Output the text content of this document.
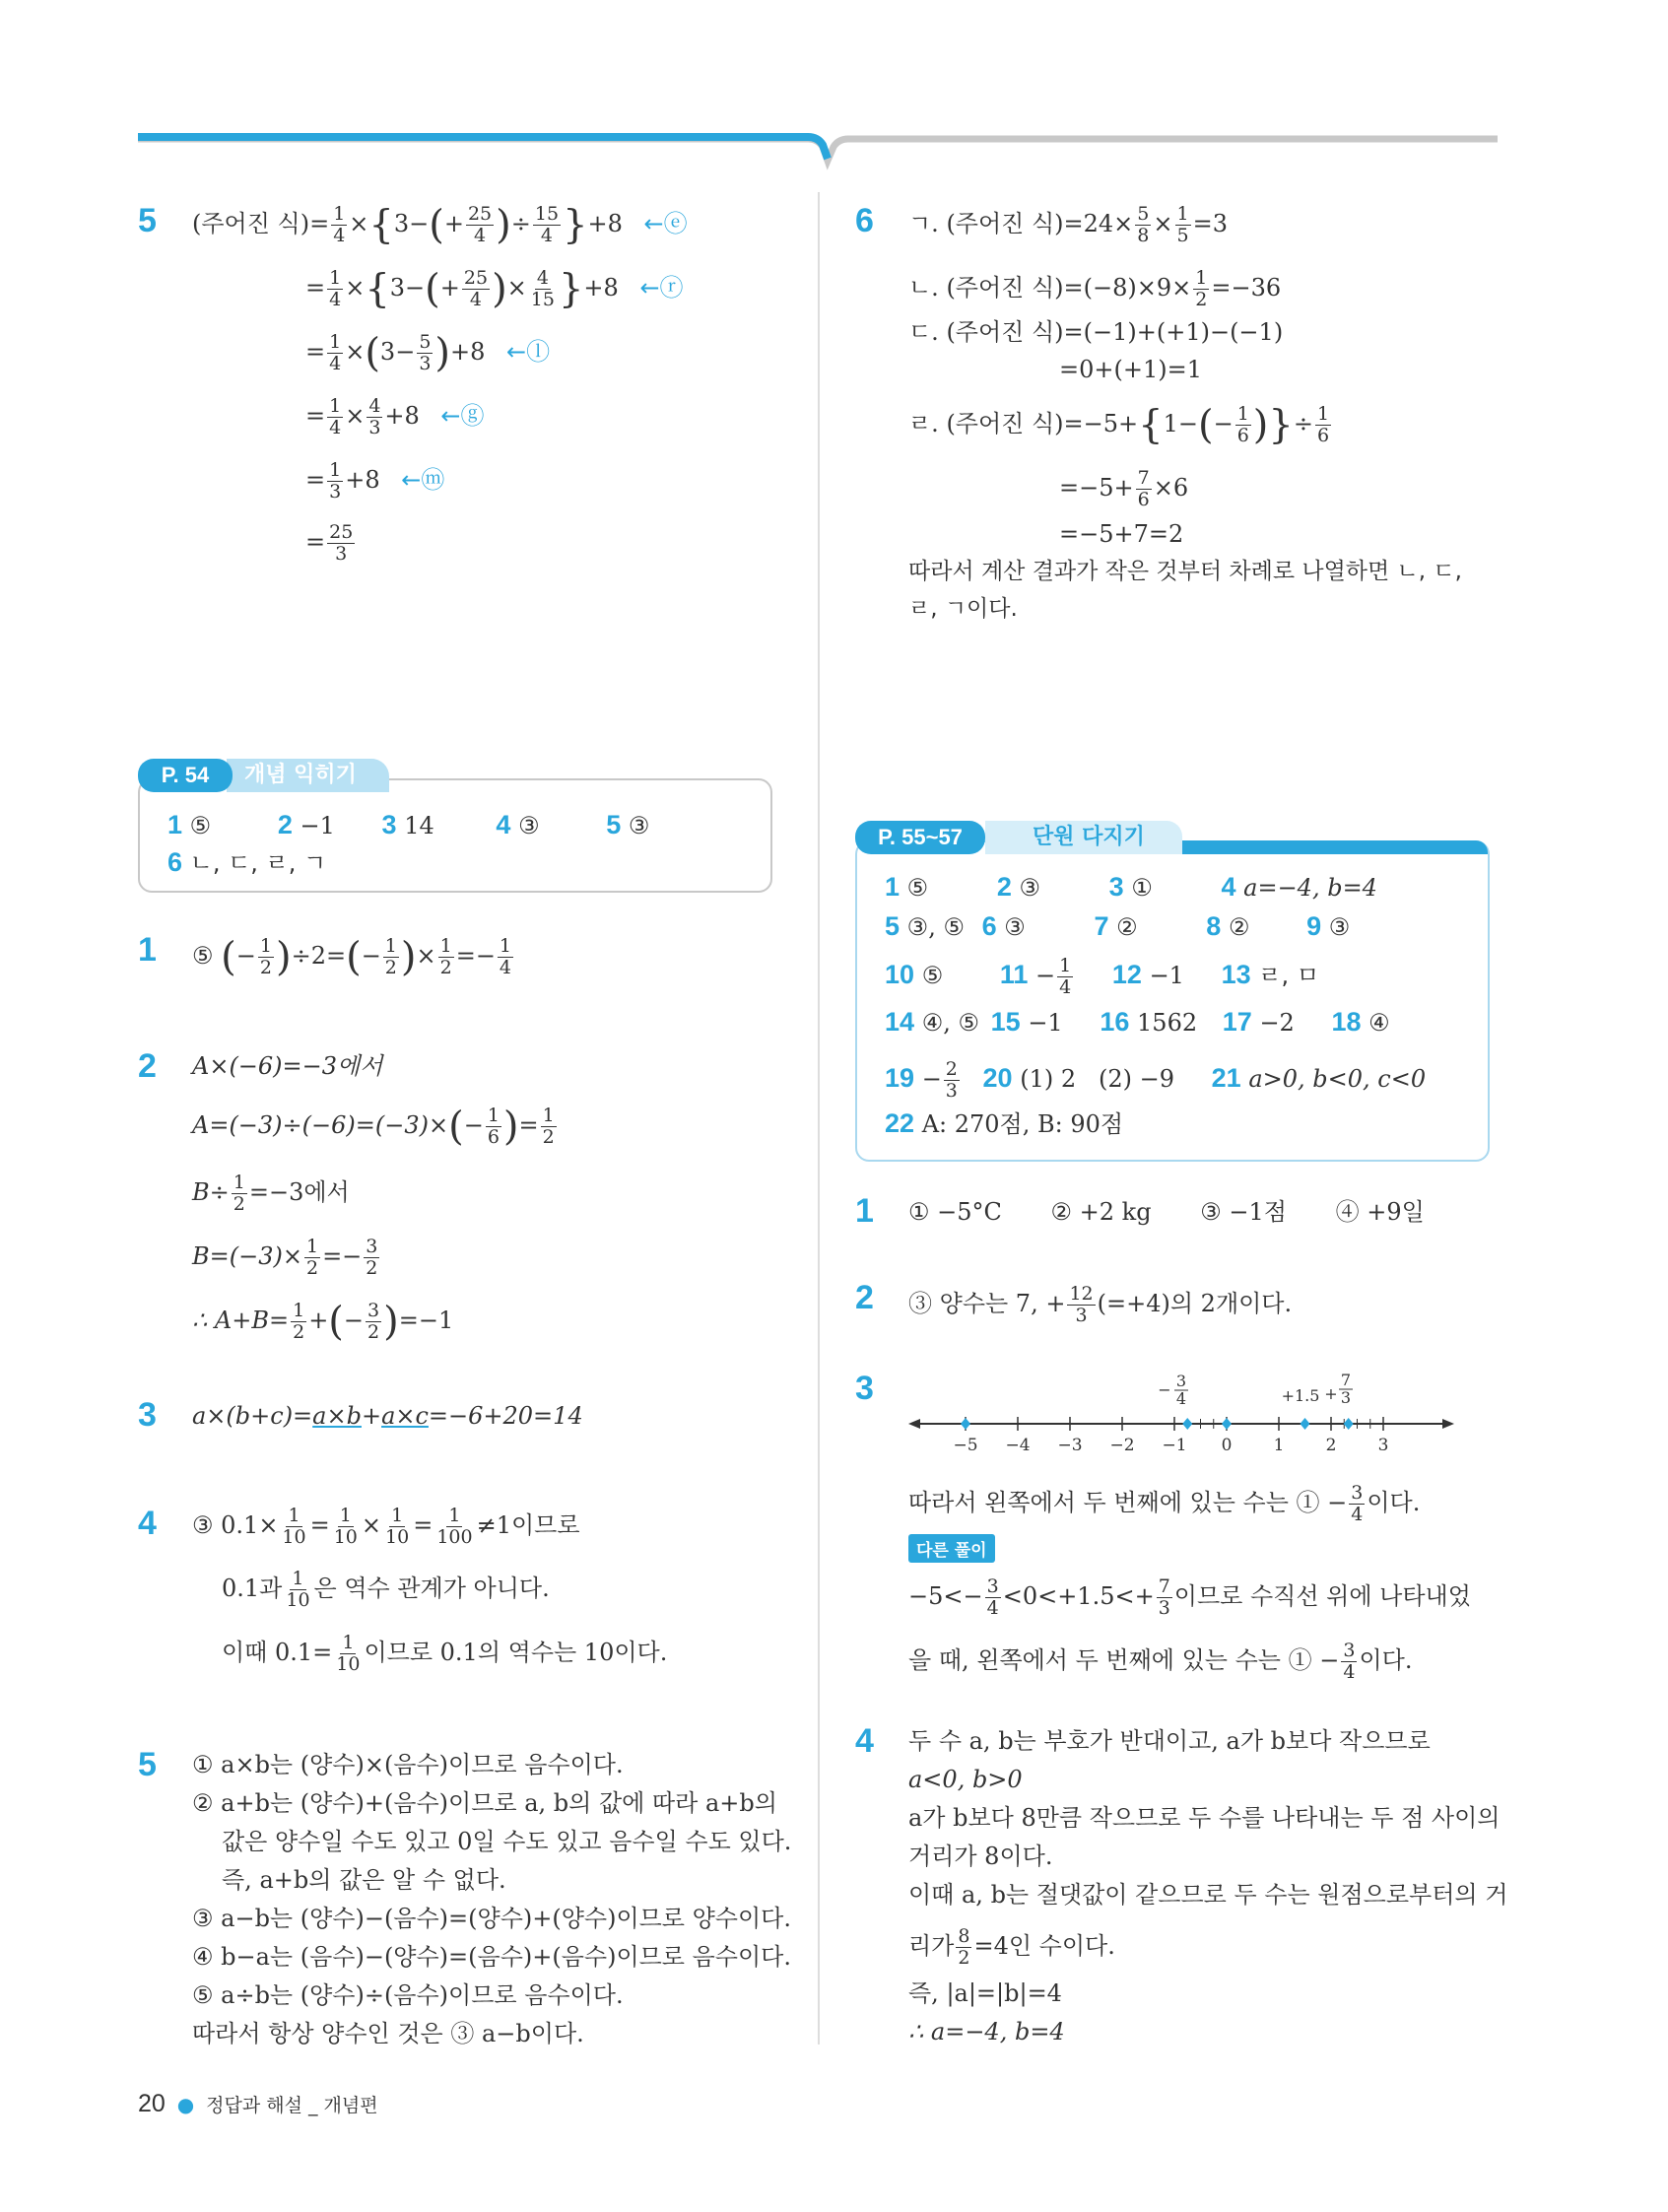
5 (주어진 식)= $\frac{1}{4} \times\{3-(+ \frac{25}{4}$ )÷ $\frac{15}{4} \}+8$ ←ⓔ
= $\frac{1}{4} \times\{3-(+ \frac{25}{4}$ )× $\frac{4}{15} \}+8$ ←ⓡ
= $\frac{1}{4} \times(3- \frac{5}{3} )+8$ ←ⓛ
= $\frac{1}{4} \times \frac{4}{3} +8$ ←ⓖ
= $\frac{1}{3} +8$ ←ⓜ
= $\frac{25}{3}$
6 ㄱ. (주어진 식)$=24\times \frac{5}{8} \times \frac{1}{5} =3$
ㄴ. (주어진 식)$=(-8)\times 9\times \frac{1}{2} =-36$
ㄷ. (주어진 식)=(−1)+(+1)−(−1)
=0+(+1)=1
ㄹ. (주어진 식)$=-5+\{1-(- \frac{1}{6}$ )}÷ $\frac{1}{6}$
$=-5+ \frac{7}{6} \times 6$
=−5+7=2
따라서 계산 결과가 작은 것부터 차례로 나열하면 ㄴ, ㄷ,
ㄹ, ㄱ이다.
P. 54	개념 익히기
1 ⑤	2 −1 3 14 4 ③	5 ③
6 ㄴ, ㄷ, ㄹ, ㄱ
1 ⑤ (− $\frac{1}{2} )\div 2=(- \frac{1}{2}$ )× $\frac{1}{2} =- \frac{1}{4}$
2 A×(−6)=−3에서
$A=(-3)\div(-6)=(-3)\times(- \frac{1}{6}$ )= $\frac{1}{2}$
$B\div \frac{1}{2} =-3$에서
$B=(-3)\times \frac{1}{2} =- \frac{3}{2}$
∴ $A+B= \frac{1}{2}$ +(− $\frac{3}{2} )=-1$
3 a×(b+c)=a×b+a×c=−6+20=14
4 ③ $0.1\times \frac{1}{10} = \frac{1}{10} \times \frac{1}{10} = \frac{1}{100} \ne 1$이므로
0.1과 $\frac{1}{10}$ 은 역수 관계가 아니다.
이때 $0.1= \frac{1}{10}$ 이므로 0.1의 역수는 10이다.
5 ① a×b는 (양수)×(음수)이므로 음수이다.
② a+b는 (양수)+(음수)이므로 a, b의 값에 따라 a+b의
값은 양수일 수도 있고 0일 수도 있고 음수일 수도 있다.
즉, a+b의 값은 알 수 없다.
③ a−b는 (양수)−(음수)=(양수)+(양수)이므로 양수이다.
④ b−a는 (음수)−(양수)=(음수)+(음수)이므로 음수이다.
⑤ a÷b는 (양수)÷(음수)이므로 음수이다.
따라서 항상 양수인 것은 ③ a−b이다.
P. 55~57	단원 다지기
1 ⑤	2 ③	3 ①	4 a=−4, b=4
5 ③, ⑤ 6 ③	7 ②	8 ② 9 ③
10 ⑤ $11 - \frac{1}{4} 12 -1$ 13 ㄹ, ㅁ
14 ④, ⑤ 15 −1 16 1562 17 −2 18 ④
$19 - \frac{2}{3} 20$ (1) 2   (2) −9 21 a>0, b<0, c<0
22 A: 270점, B: 90점
1 ① −5°C ② +2 kg ③ −1점 ④ +9일
2 ③ 양수는 7, + $\frac{12}{3} (=+4)$의 2개이다.
3
−5 −4 −3 −2 −1 0 1 2 3
− 3
4	+1.5 +
7
3
따라서 왼쪽에서 두 번째에 있는 수는 ① − $\frac{3}{4}$ 이다.
다른 풀이
$-5<- \frac{3}{4} <0<+1.5<+ \frac{7}{3}$ 이므로 수직선 위에 나타내었
을 때, 왼쪽에서 두 번째에 있는 수는 ① − $\frac{3}{4}$ 이다.
4 두 수 a, b는 부호가 반대이고, a가 b보다 작으므로
a<0, b>0
a가 b보다 8만큼 작으므로 두 수를 나타내는 두 점 사이의
거리가 8이다.
이때 a, b는 절댓값이 같으므로 두 수는 원점으로부터의 거
리가 $\frac{8}{2} =4$인 수이다.
즉, |a|=|b|=4
∴ a=−4, b=4
20 ● 정답과 해설 _ 개념편
